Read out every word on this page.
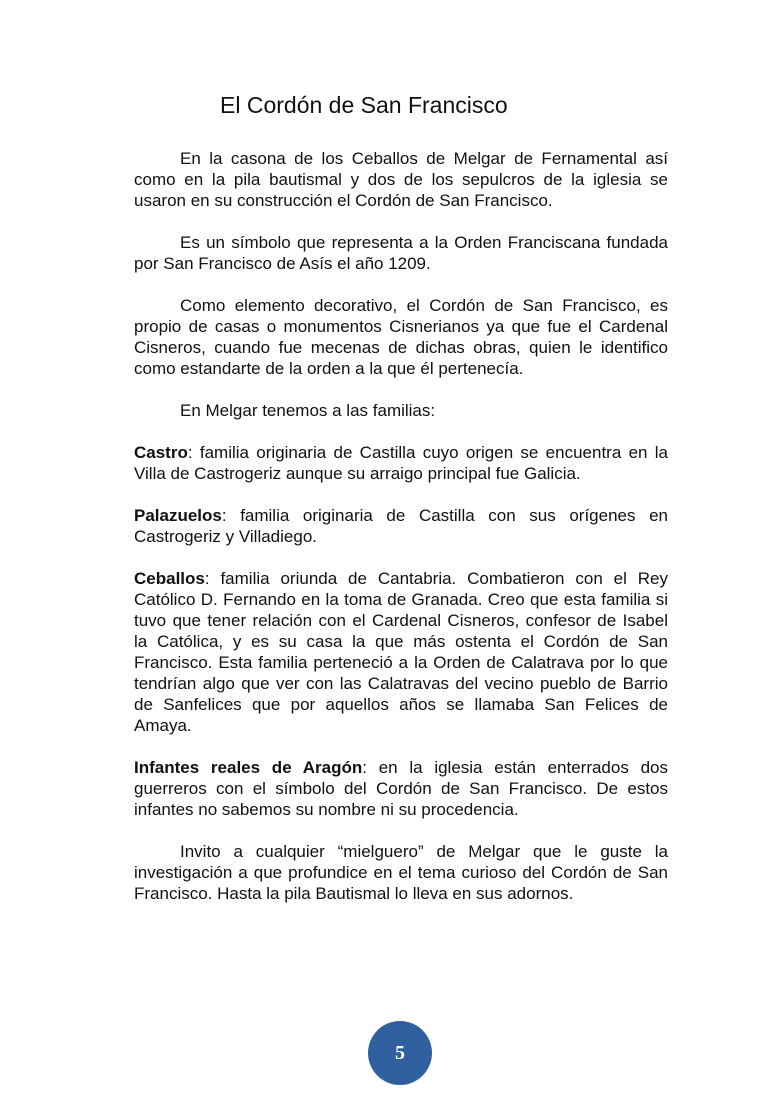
El Cordón de San Francisco

En la casona de los Ceballos de Melgar de Fernamental así como en la pila bautismal y dos de los sepulcros de la iglesia se usaron en su construcción el Cordón de San Francisco.

Es un símbolo que representa a la Orden Franciscana fundada por San Francisco de Asís el año 1209.

Como elemento decorativo, el Cordón de San Francisco, es propio de casas o monumentos Cisnerianos ya que fue el Cardenal Cisneros, cuando fue mecenas de dichas obras, quien le identifico como estandarte de la orden a la que él pertenecía.

En Melgar tenemos a las familias:

Castro: familia originaria de Castilla cuyo origen se encuentra en la Villa de Castrogeriz aunque su arraigo principal fue Galicia.

Palazuelos: familia originaria de Castilla con sus orígenes en Castrogeriz y Villadiego.

Ceballos: familia oriunda de Cantabria. Combatieron con el Rey Católico D. Fernando en la toma de Granada. Creo que esta familia si tuvo que tener relación con el Cardenal Cisneros, confesor de Isabel la Católica, y es su casa la que más ostenta el Cordón de San Francisco. Esta familia perteneció a la Orden de Calatrava por lo que tendrían algo que ver con las Calatravas del vecino pueblo de Barrio de Sanfelices que por aquellos años se llamaba San Felices de Amaya.

Infantes reales de Aragón: en la iglesia están enterrados dos guerreros con el símbolo del Cordón de San Francisco. De estos infantes no sabemos su nombre ni su procedencia.

Invito a cualquier “mielguero” de Melgar que le guste la investigación a que profundice en el tema curioso del Cordón de San Francisco. Hasta la pila Bautismal lo lleva en sus adornos.

5
